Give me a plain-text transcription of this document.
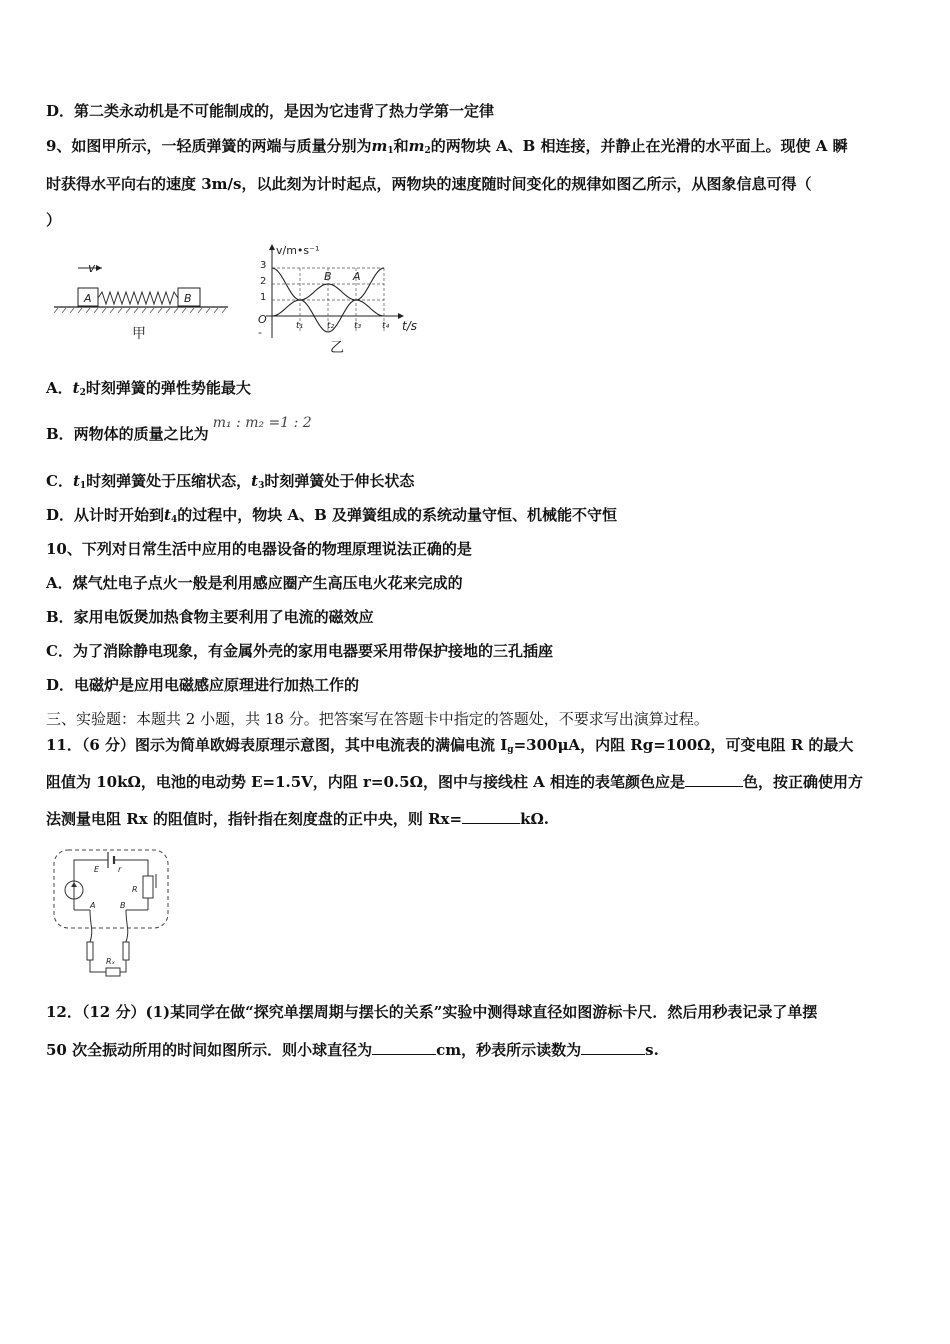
D．第二类永动机是不可能制成的，是因为它违背了热力学第一定律
9、如图甲所示，一轻质弹簧的两端与质量分别为$m_1$和$m_2$的两物块 A、B 相连接，并静止在光滑的水平面上。现使 A 瞬
时获得水平向右的速度 3m/s，以此刻为计时起点，两物块的速度随时间变化的规律如图乙所示，从图象信息可得（
）
v
A	B
甲
v/m•s⁻¹
t/s
O
-
3
2
1
t₁	t₂ t₃ t₄
B A
乙
A．$t_2$时刻弹簧的弹性势能最大
B．两物体的质量之比为m₁ : m₂ =1 : 2
C．$t_1$时刻弹簧处于压缩状态，$t_3$时刻弹簧处于伸长状态
D．从计时开始到$t_4$的过程中，物块 A、B 及弹簧组成的系统动量守恒、机械能不守恒
10、下列对日常生活中应用的电器设备的物理原理说法正确的是
A．煤气灶电子点火一般是利用感应圈产生高压电火花来完成的
B．家用电饭煲加热食物主要利用了电流的磁效应
C．为了消除静电现象，有金属外壳的家用电器要采用带保护接地的三孔插座
D．电磁炉是应用电磁感应原理进行加热工作的
三、实验题：本题共 2 小题，共 18 分。把答案写在答题卡中指定的答题处，不要求写出演算过程。
11．（6 分）图示为简单欧姆表原理示意图，其中电流表的满偏电流 $I_g=300\mu A$，内阻 Rg=100Ω，可变电阻 R 的最大
阻值为 10kΩ，电池的电动势 E=1.5V，内阻 r=0.5Ω，图中与接线柱 A 相连的表笔颜色应是	色，按正确使用方
法测量电阻 Rx 的阻值时，指针指在刻度盘的正中央，则 Rx=	kΩ.
E r
R
A	B
Rₓ
12．（12 分）(1)某同学在做“探究单摆周期与摆长的关系”实验中测得球直径如图游标卡尺．然后用秒表记录了单摆
50 次全振动所用的时间如图所示．则小球直径为	cm，秒表所示读数为	s.
